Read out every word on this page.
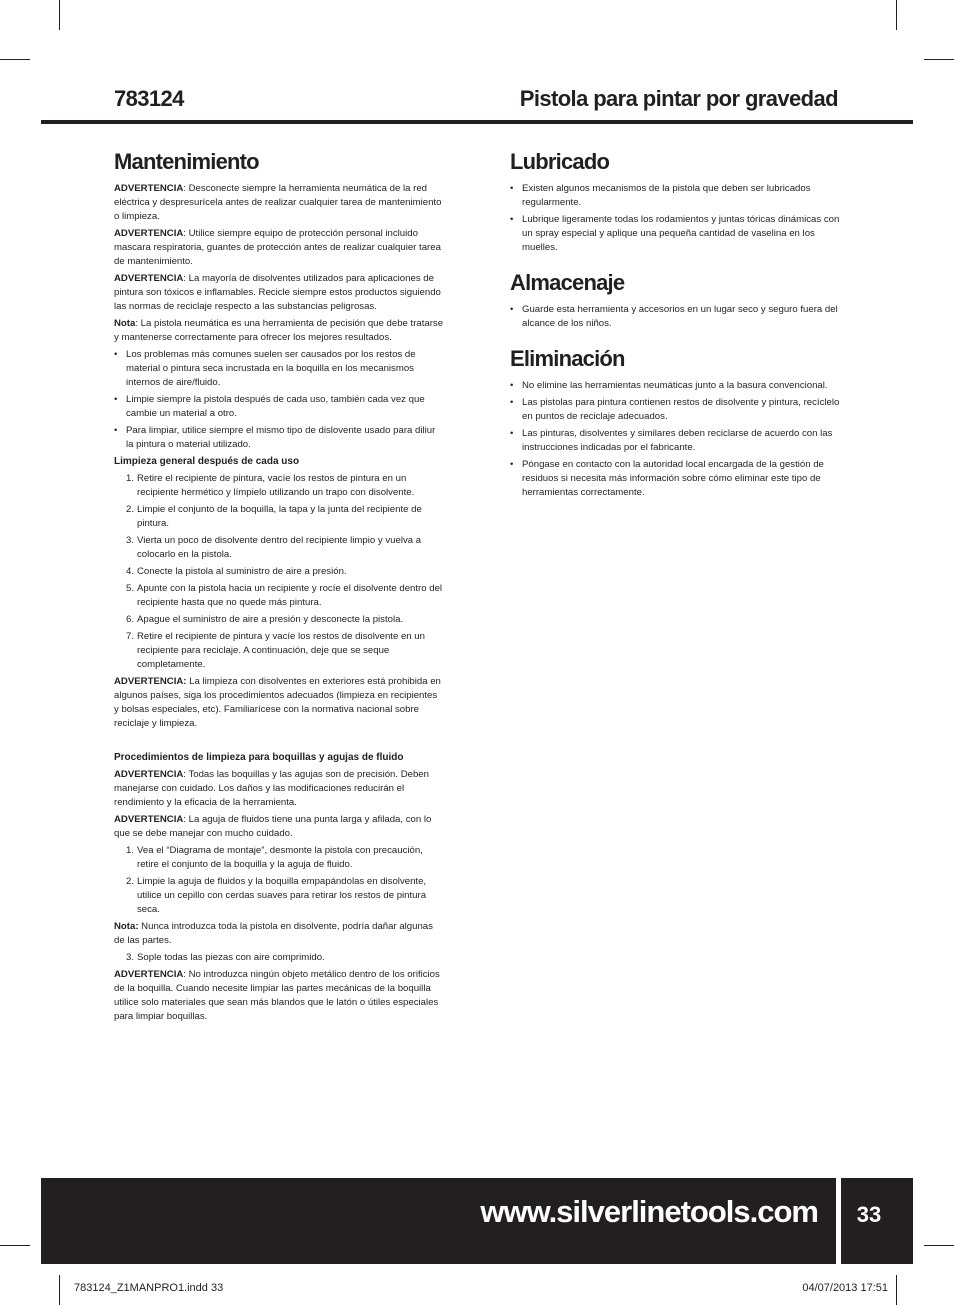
783124	Pistola para pintar por gravedad
Mantenimiento

ADVERTENCIA: Desconecte siempre la herramienta neumática de la red eléctrica y despresurícela antes de realizar cualquier tarea de mantenimiento o limpieza.

ADVERTENCIA: Utilice siempre equipo de protección personal incluido mascara respiratoria, guantes de protección antes de realizar cualquier tarea de mantenimiento.

ADVERTENCIA: La mayoría de disolventes utilizados para aplicaciones de pintura son tóxicos e inflamables. Recicle siempre estos productos siguiendo las normas de reciclaje respecto a las substancias peligrosas.

Nota: La pistola neumática es una herramienta de pecisión que debe tratarse y mantenerse correctamente para ofrecer los mejores resultados.

• Los problemas más comunes suelen ser causados por los restos de material o pintura seca incrustada en la boquilla en los mecanismos internos de aire/fluido.
• Limpie siempre la pistola después de cada uso, también cada vez que cambie un material a otro.
• Para limpiar, utilice siempre el mismo tipo de dislovente usado para diliur la pintura o material utilizado.
Limpieza general después de cada uso
1. Retire el recipiente de pintura, vacíe los restos de pintura en un recipiente hermético y límpielo utilizando un trapo con disolvente.
2. Limpie el conjunto de la boquilla, la tapa y la junta del recipiente de pintura.
3. Vierta un poco de disolvente dentro del recipiente limpio y vuelva a colocarlo en la pistola.
4. Conecte la pistola al suministro de aire a presión.
5. Apunte con la pistola hacia un recipiente y rocíe el disolvente dentro del recipiente hasta que no quede más pintura.
6. Apague el suministro de aire a presión y desconecte la pistola.
7. Retire el recipiente de pintura y vacíe los restos de disolvente en un recipiente para reciclaje. A continuación, deje que se seque completamente.

ADVERTENCIA: La limpieza con disolventes en exteriores está prohibida en algunos países, siga los procedimientos adecuados (limpieza en recipientes y bolsas especiales, etc). Familiarícese con la normativa nacional sobre reciclaje y limpieza.

Procedimientos de limpieza para boquillas y agujas de fluido

ADVERTENCIA: Todas las boquillas y las agujas son de precisión. Deben manejarse con cuidado. Los daños y las modificaciones reducirán el rendimiento y la eficacia de la herramienta.

ADVERTENCIA: La aguja de fluidos tiene una punta larga y afilada, con lo que se debe manejar con mucho cuidado.

1. Vea el “Diagrama de montaje”, desmonte la pistola con precaución, retire el conjunto de la boquilla y la aguja de fluido.
2. Limpie la aguja de fluidos y la boquilla empapándolas en disolvente, utilice un cepillo con cerdas suaves para retirar los restos de pintura seca.

Nota: Nunca introduzca toda la pistola en disolvente, podría dañar algunas de las partes.

3. Sople todas las piezas con aire comprimido.

ADVERTENCIA: No introduzca ningún objeto metálico dentro de los orificios de la boquilla. Cuando necesite limpiar las partes mecánicas de la boquilla utilice solo materiales que sean más blandos que le latón o útiles especiales para limpiar boquillas.

Lubricado
• Existen algunos mecanismos de la pistola que deben ser lubricados regularmente.
• Lubrique ligeramente todas los rodamientos y juntas tóricas dinámicas con un spray especial y aplique una pequeña cantidad de vaselina en los muelles.
Almacenaje
• Guarde esta herramienta y accesorios en un lugar seco y seguro fuera del alcance de los niños.
Eliminación
• No elimine las herramientas neumáticas junto a la basura convencional.
• Las pistolas para pintura contienen restos de disolvente y pintura, recíclelo en puntos de reciclaje adecuados.
• Las pinturas, disolventes y similares deben reciclarse de acuerdo con las instrucciones indicadas por el fabricante.
• Póngase en contacto con la autoridad local encargada de la gestión de residuos si necesita más información sobre cómo eliminar este tipo de herramientas correctamente.
www.silverlinetools.com	33
783124_Z1MANPRO1.indd 33	04/07/2013 17:51
